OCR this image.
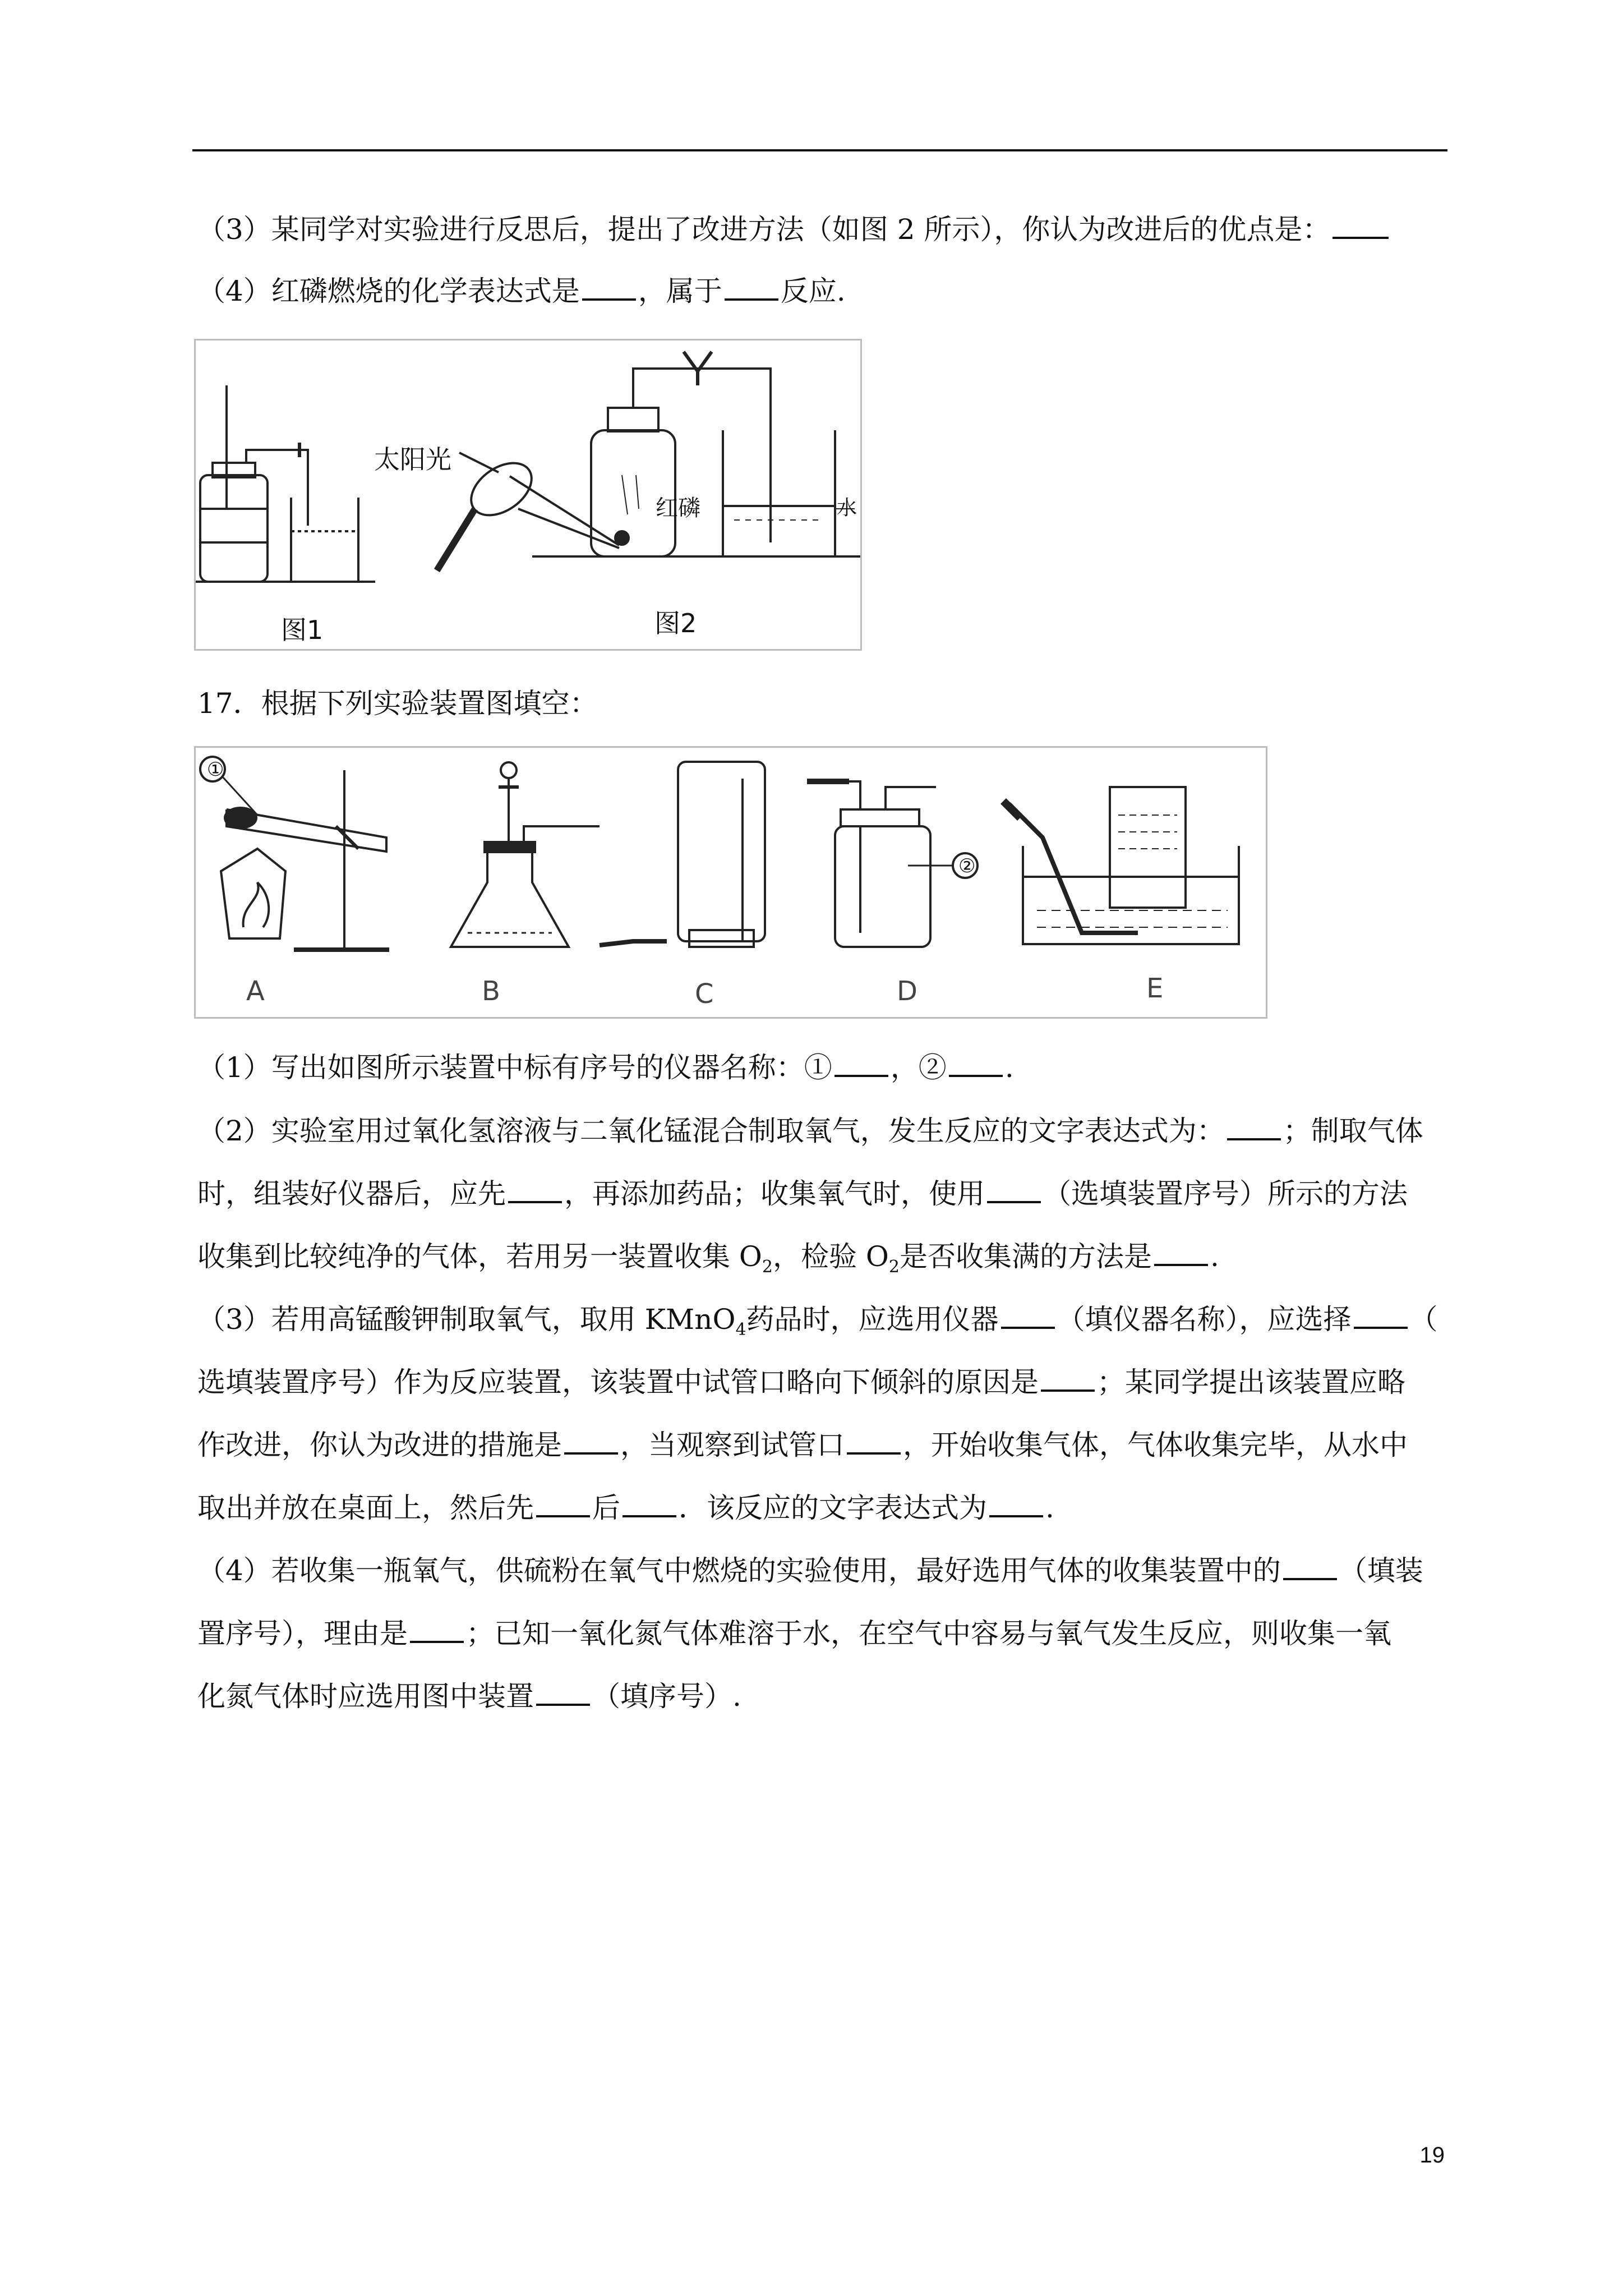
（3）某同学对实验进行反思后，提出了改进方法（如图 2 所示），你认为改进后的优点是：
（4）红磷燃烧的化学表达式是 ，属于 反应.
太阳光
红磷	水
图1	图2
17．根据下列实验装置图填空：
①
②
A	B	C	D	E
（1）写出如图所示装置中标有序号的仪器名称：① ，② .
（2）实验室用过氧化氢溶液与二氧化锰混合制取氧气，发生反应的文字表达式为： ；制取气体
时，组装好仪器后，应先 ，再添加药品；收集氧气时，使用 （选填装置序号）所示的方法
收集到比较纯净的气体，若用另一装置收集 $O_2$，检验 $O_2$是否收集满的方法是 .
（3）若用高锰酸钾制取氧气，取用 KMnO$_4$药品时，应选用仪器 （填仪器名称），应选择 （
选填装置序号）作为反应装置，该装置中试管口略向下倾斜的原因是 ；某同学提出该装置应略
作改进，你认为改进的措施是 ，当观察到试管口 ，开始收集气体，气体收集完毕，从水中
取出并放在桌面上，然后先 后 ．该反应的文字表达式为 .
（4）若收集一瓶氧气，供硫粉在氧气中燃烧的实验使用，最好选用气体的收集装置中的 （填装
置序号），理由是 ；已知一氧化氮气体难溶于水，在空气中容易与氧气发生反应，则收集一氧
化氮气体时应选用图中装置 （填序号）.
19
